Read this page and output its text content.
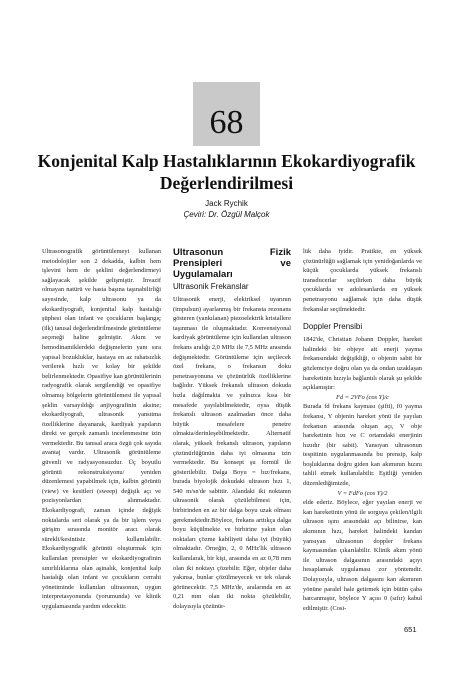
68
Konjenital Kalp Hastalıklarının Ekokardiyografik Değerlendirilmesi
Jack Rychik
Çeviri: Dr. Özgül Malçok

Ultrasonografik görüntülemeyi kullanan metodolojiler son 2 dekadda, kalbin hem işlevini hem de şeklini değerlendirmeyi sağlayacak şekilde gelişmiştir. İnvazif olmayan natürü ve hasta başına taşınabilirliği sayesinde, kalp ultrasonu ya da ekokardiyografi, konjenital kalp hastalığı şüphesi olan infant ve çocukların başlangıç (ilk) tanısal değerlendirilmesinde görüntüleme seçeneği haline gelmiştir. Akım ve hemodinamiklerdeki değişmelerin yanı sıra yapısal bozukluklar, hastaya en az rahatsızlık verilerek hızlı ve kolay bir şekilde belirlenmektedir. Opasifiye kan görüntülerinin radyografik olarak sergilendiği ve opasifiye olmamış bölgelerin görüntülemesi ile yapısal şeklin varsayıldığı anjiyografinin aksine; ekokardiyografi, ultrasonik yansıtma özelliklerine dayanarak, kardiyak yapıların direkt ve gerçek zamanlı incelenmesine izin vermektedir. Bu tanısal araca özgü çok sayıda avantaj vardır. Ultrasonik görüntüleme güvenli ve radyasyonsuzdur. Üç boyutlu görüntü rekonstruksiyonu/ yeniden düzenlemesi yapabilmek için, kalbin görüntü (view) ve kesitleri (sweep) değişik açı ve pozisyonlardan alınmaktadır. Ekokardiyografi, zaman içinde değişik noktalarda seri olarak ya da bir işlem veya girişim sırasında monitör aracı olarak sürekli/kesintisiz kullanılabilir. Ekokardiyografik görüntü oluşturmak için kullanılan prensipler ve ekokardiyografinin sınırlılıklarına olan aşinalık, konjenital kalp hastalığı olan infant ve çocukların cerrahi yönetiminde kullanılan ultrasonun, uygun interpretasyonunda (yorumunda) ve klinik uygulamasında yardım edecektir.

Ultrasonun Fizik Prensipleri ve Uygulamaları
Ultrasonik Frekanslar

Ultrasonik enerji, elektriksel uyarının (impulsun) ayarlanmış bir frekansta rezonans gösteren (yankılanan) piezoelektrik kristallere taşınması ile oluşmaktadır. Konvensiyonal kardiyak görüntüleme için kullanılan ultrason frekans aralığı 2,0 MHz ile 7,5 MHz arasında değişmektedir. Görüntüleme için seçilecek özel frekans, o frekansın doku penetrasyonuna ve çözünürlük özelliklerine bağlıdır. Yüksek frekanslı ultrason dokuda hızla dağılmakta ve yalnızca kısa bir mesafede yayılabilmektedir, oysa düşük frekanslı ultrason azalmadan önce daha büyük mesafelere penetre olmakta/derinleşebilmektedir. Alternatif olarak, yüksek frekanslı ultrason, yapıların çözünürlüğünün daha iyi olmasına izin vermektedir. Bu konsept şu formül ile gösterilebilir. Dalga Boyu = hız/frekans, burada biyolojik dokudaki ultrason hızı 1, 540 m/sn'de sabittir. Alandaki iki noktanın ultrasonik olarak çözülebilmesi için, birbirinden en az bir dalga boyu uzak olması gerekmektedir.Böylece, frekans arttıkça dalga boyu küçülmekte ve birbirine yakın olan noktaları çözme kabiliyeti daha iyi (büyük) olmaktadır. Örneğin, 2, 0 MHz'lik ultrason kullanılarak, bir kişi, arasında en az 0,78 mm olan iki noktayı çözebilir. Eğer, objeler daha yakınsa, bunlar çözülmeyecek ve tek olarak görünecektir. 7,5 MHz'de, aralarında en az 0,21 mm olan iki nokta çözülebilir, dolayısıyla çözünür-

lük daha iyidir. Pratikte, en yüksek çözünürlüğü sağlamak için yenidoğanlarda ve küçük çocuklarda yüksek frekanslı transducerlar seçilirken daha büyük çocuklarda ve adolesanlarda en yüksek penetrasyonu sağlamak için daha düşük frekanslar seçilmektedir.

Doppler Prensibi

1842'de, Christian Johann Doppler, hareket halindeki bir objeye ait enerji yayma frekansındaki değişikliği, o objenin sabit bir gözlemciye doğru olan ya da ondan uzaklaşan hareketinin hızıyla bağlantılı olarak şu şekilde açıklamıştır:

Fd = 2VFo (cos Y)/c

Burada fd frekans kayması (şifti), f0 yayma frekansı, Y objenin hareket yönü ile yayılan frekansın arasında oluşan açı, V obje hareketinin hızı ve C ortamdaki enerjinin hızıdır (bir sabit). Yansıyan ultrasonun tespitinin uygulanmasında bu prensip, kalp boşluklarına doğru giden kan akımının hızını tahlil etmek kullanılabilir. Eşitliği yeniden düzenlediğimizde,

V = FdFo (cos Y)/2

elde ederiz. Böylece, eğer yayılan enerji ve kan hareketinin yönü ile sorguya çekilen/ilgili ultrason ışını arasındaki açı bilinirse, kan akımının hızı, hareket halindeki kandan yansıyan ultrasonun doppler frekans kaymasından çıkarılabilir. Klinik akım yönü ile ultrason dalgasının arasındaki açıyı hesaplamak uygulaması zor yöntemdir. Dolayısıyla, ultrason dalgasını kan akımının yönüne paralel hale getirmek için bütün çaba harcanmıştır, böylece Y açısı 0 (sıfır) kabul edilmiştir. (Cosi-

651
